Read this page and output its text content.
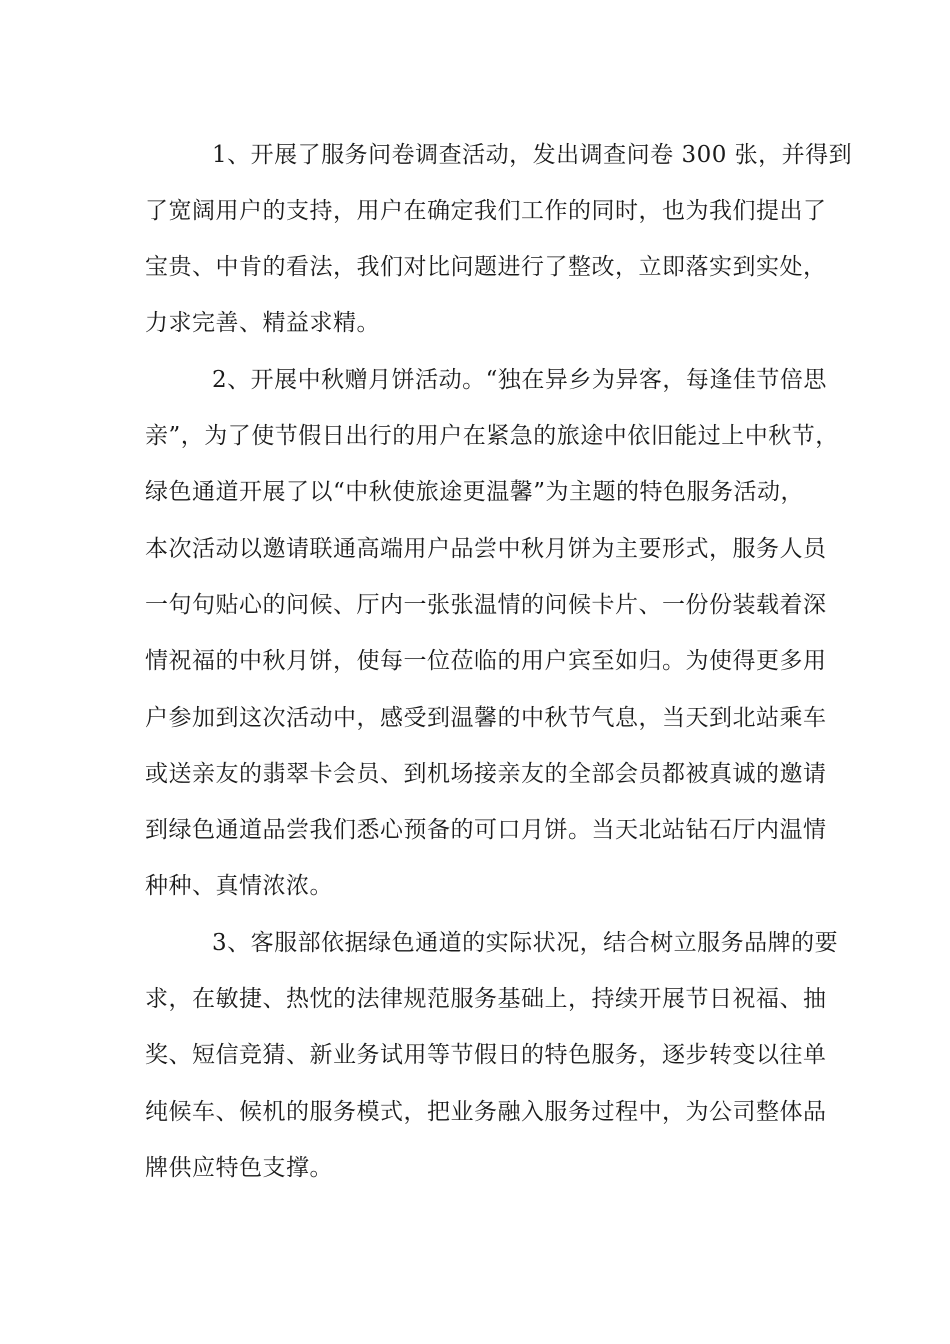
1、开展了服务问卷调查活动，发出调查问卷 300 张，并得到
了宽阔用户的支持，用户在确定我们工作的同时，也为我们提出了
宝贵、中肯的看法，我们对比问题进行了整改，立即落实到实处，
力求完善、精益求精。
2、开展中秋赠月饼活动。“独在异乡为异客，每逢佳节倍思
亲”，为了使节假日出行的用户在紧急的旅途中依旧能过上中秋节，
绿色通道开展了以“中秋使旅途更温馨”为主题的特色服务活动，
本次活动以邀请联通高端用户品尝中秋月饼为主要形式，服务人员
一句句贴心的问候、厅内一张张温情的问候卡片、一份份装载着深
情祝福的中秋月饼，使每一位莅临的用户宾至如归。为使得更多用
户参加到这次活动中，感受到温馨的中秋节气息，当天到北站乘车
或送亲友的翡翠卡会员、到机场接亲友的全部会员都被真诚的邀请
到绿色通道品尝我们悉心预备的可口月饼。当天北站钻石厅内温情
种种、真情浓浓。
3、客服部依据绿色通道的实际状况，结合树立服务品牌的要
求，在敏捷、热忱的法律规范服务基础上，持续开展节日祝福、抽
奖、短信竞猜、新业务试用等节假日的特色服务，逐步转变以往单
纯候车、候机的服务模式，把业务融入服务过程中，为公司整体品
牌供应特色支撑。
